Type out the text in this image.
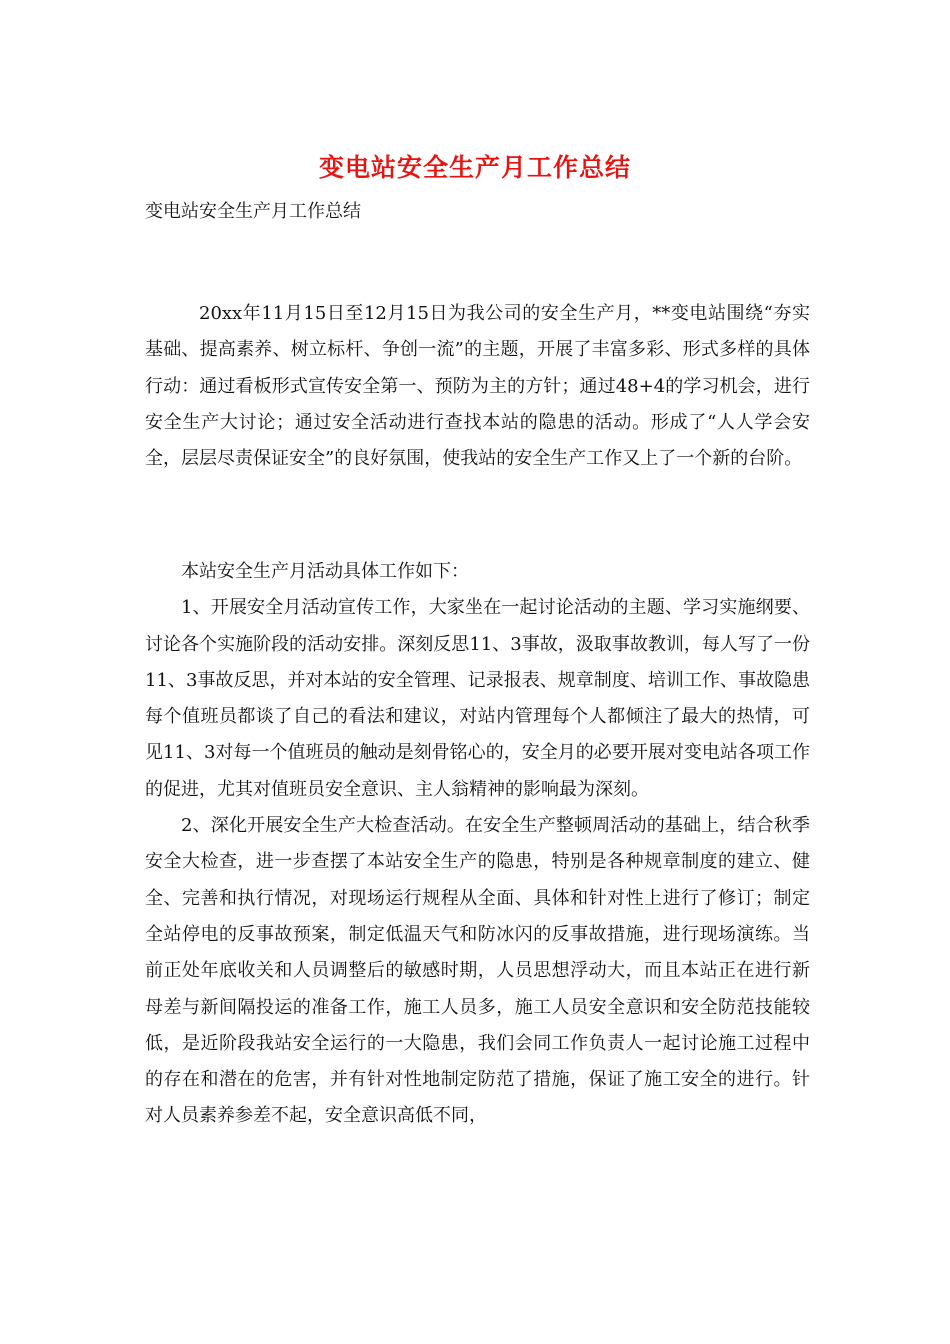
变电站安全生产月工作总结
变电站安全生产月工作总结

20xx年11月15日至12月15日为我公司的安全生产月，**变电站围绕“夯实基础、提高素养、树立标杆、争创一流”的主题，开展了丰富多彩、形式多样的具体行动：通过看板形式宣传安全第一、预防为主的方针；通过48+4的学习机会，进行安全生产大讨论；通过安全活动进行查找本站的隐患的活动。形成了“人人学会安全，层层尽责保证安全”的良好氛围，使我站的安全生产工作又上了一个新的台阶。

本站安全生产月活动具体工作如下：

1、开展安全月活动宣传工作，大家坐在一起讨论活动的主题、学习实施纲要、讨论各个实施阶段的活动安排。深刻反思11、3事故，汲取事故教训，每人写了一份11、3事故反思，并对本站的安全管理、记录报表、规章制度、培训工作、事故隐患每个值班员都谈了自己的看法和建议，对站内管理每个人都倾注了最大的热情，可见11、3对每一个值班员的触动是刻骨铭心的，安全月的必要开展对变电站各项工作的促进，尤其对值班员安全意识、主人翁精神的影响最为深刻。

2、深化开展安全生产大检查活动。在安全生产整顿周活动的基础上，结合秋季安全大检查，进一步查摆了本站安全生产的隐患，特别是各种规章制度的建立、健全、完善和执行情况，对现场运行规程从全面、具体和针对性上进行了修订；制定全站停电的反事故预案，制定低温天气和防冰闪的反事故措施，进行现场演练。当前正处年底收关和人员调整后的敏感时期，人员思想浮动大，而且本站正在进行新母差与新间隔投运的准备工作，施工人员多，施工人员安全意识和安全防范技能较低，是近阶段我站安全运行的一大隐患，我们会同工作负责人一起讨论施工过程中的存在和潜在的危害，并有针对性地制定防范了措施，保证了施工安全的进行。针对人员素养参差不起，安全意识高低不同，
